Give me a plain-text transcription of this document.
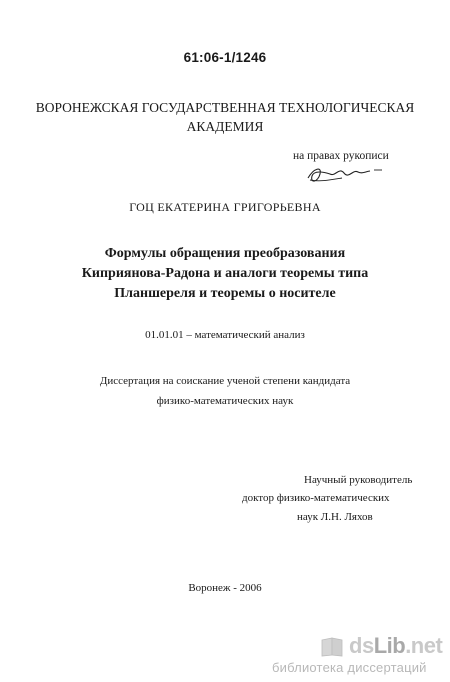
61:06-1/1246
ВОРОНЕЖСКАЯ ГОСУДАРСТВЕННАЯ ТЕХНОЛОГИЧЕСКАЯ
АКАДЕМИЯ
на правах рукописи
ГОЦ ЕКАТЕРИНА ГРИГОРЬЕВНА
Формулы обращения преобразования
Киприянова-Радона и аналоги теоремы типа
Планшереля и теоремы о носителе
01.01.01 – математический анализ
Диссертация на соискание ученой степени кандидата
физико-математических наук
Научный руководитель
доктор физико-математических
наук Л.Н. Ляхов
Воронеж - 2006
dsLib.net
библиотека диссертаций
